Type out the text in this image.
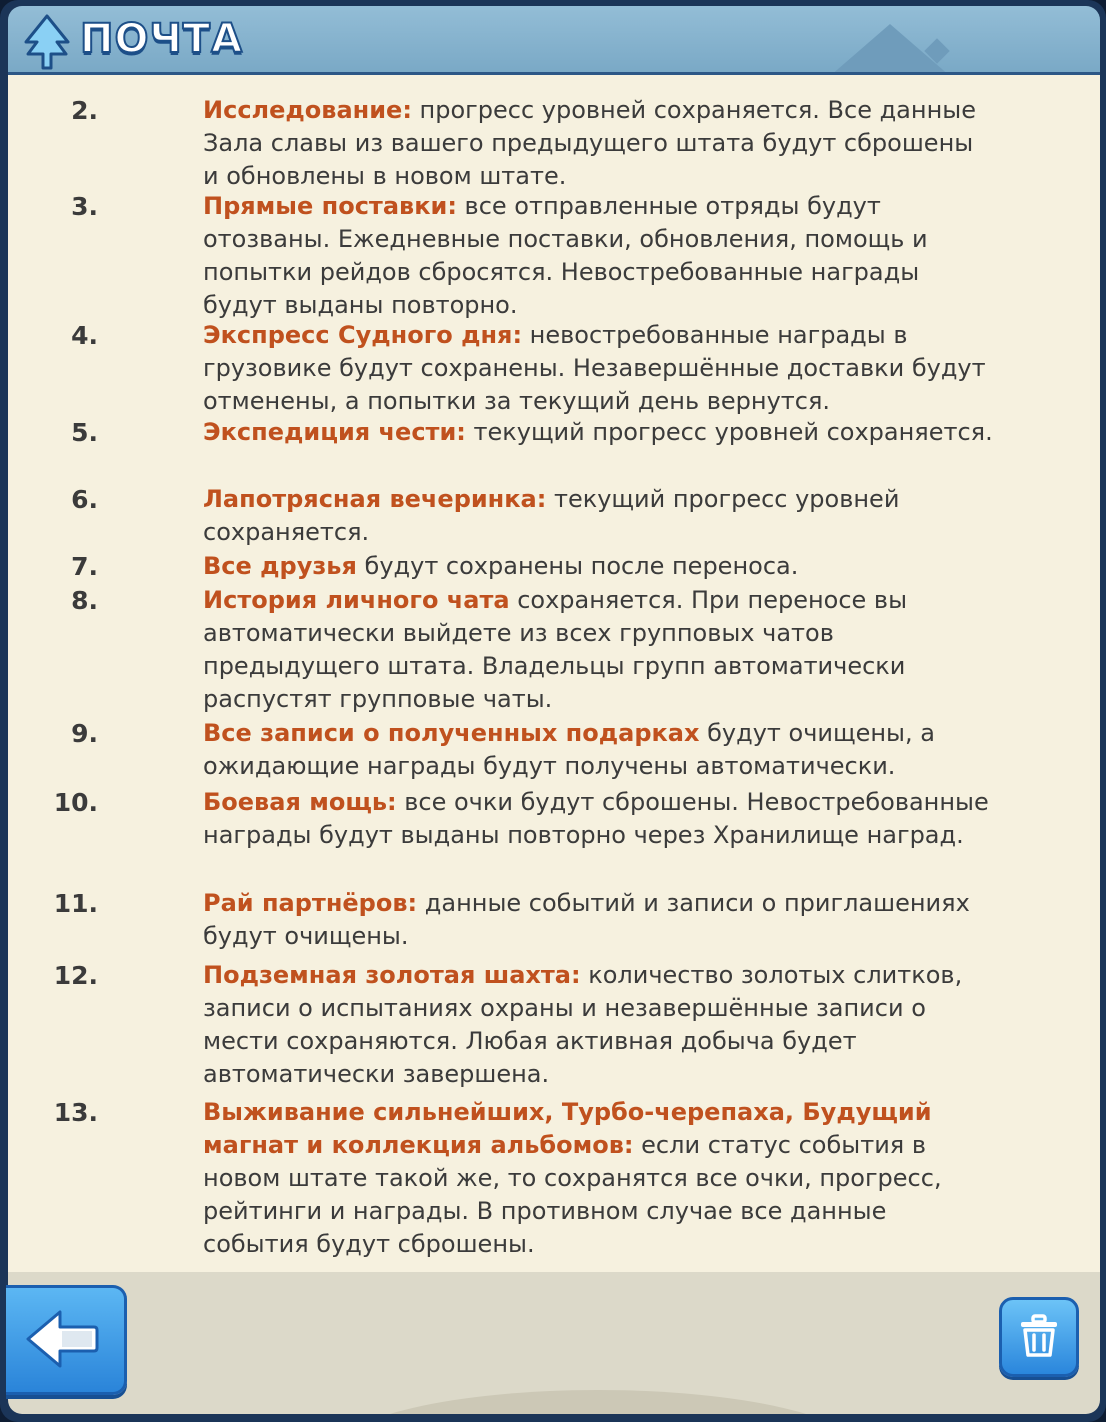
ПОЧТА
2.	Исследование: прогресс уровней сохраняется. Все данные Зала славы из вашего предыдущего штата будут сброшены и обновлены в новом штате.
3.	Прямые поставки: все отправленные отряды будут отозваны. Ежедневные поставки, обновления, помощь и попытки рейдов сбросятся. Невостребованные награды будут выданы повторно.
4.	Экспресс Судного дня: невостребованные награды в грузовике будут сохранены. Незавершённые доставки будут отменены, а попытки за текущий день вернутся.
5.	Экспедиция чести: текущий прогресс уровней сохраняется.
6.	Лапотрясная вечеринка: текущий прогресс уровней сохраняется.
7.	Все друзья будут сохранены после переноса.
8.	История личного чата сохраняется. При переносе вы автоматически выйдете из всех групповых чатов предыдущего штата. Владельцы групп автоматически распустят групповые чаты.
9.	Все записи о полученных подарках будут очищены, а ожидающие награды будут получены автоматически.
10.	Боевая мощь: все очки будут сброшены. Невостребованные награды будут выданы повторно через Хранилище наград.
11.	Рай партнёров: данные событий и записи о приглашениях будут очищены.
12.	Подземная золотая шахта: количество золотых слитков, записи о испытаниях охраны и незавершённые записи о мести сохраняются. Любая активная добыча будет автоматически завершена.
13.	Выживание сильнейших, Турбо-черепаха, Будущий магнат и коллекция альбомов: если статус события в новом штате такой же, то сохранятся все очки, прогресс, рейтинги и награды. В противном случае все данные события будут сброшены.
